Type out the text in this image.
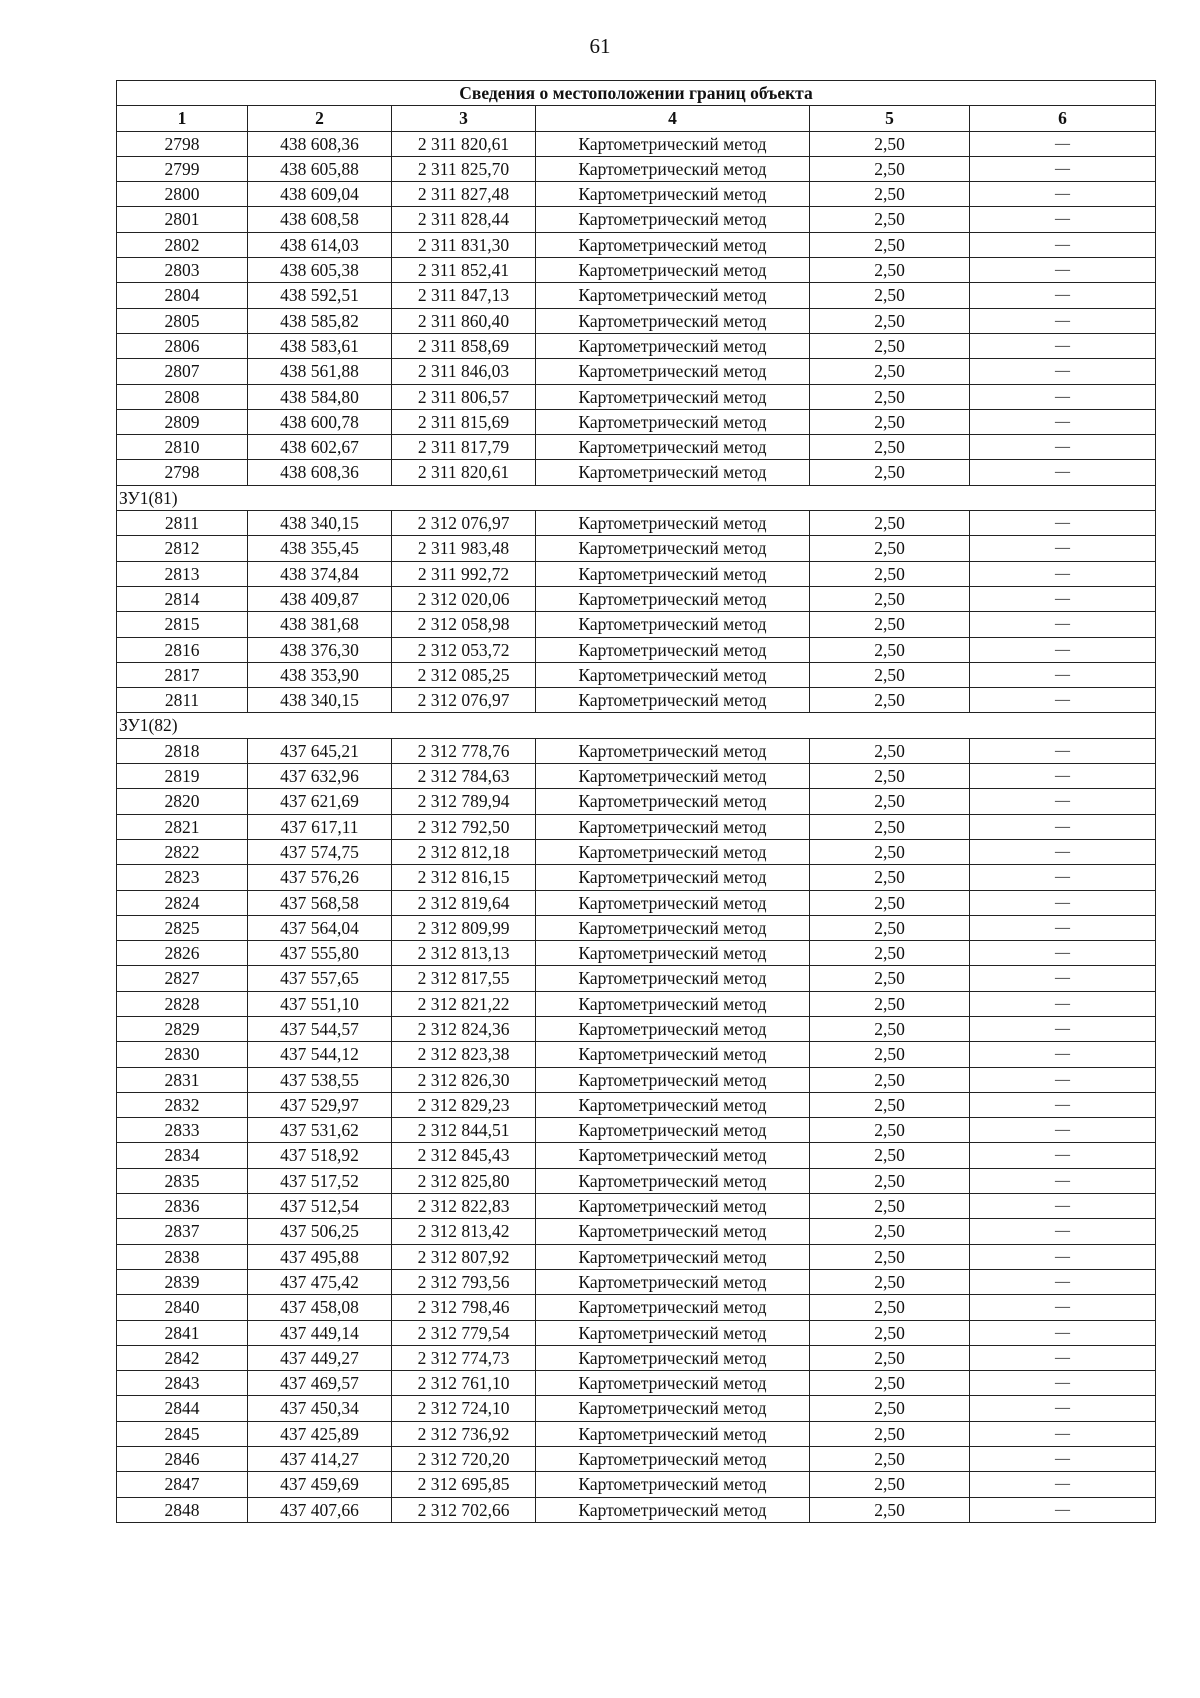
61
Сведения о местоположении границ объекта					
1	2	3	4	5	6
2798	438 608,36	2 311 820,61	Картометрический метод	2,50	—
2799	438 605,88	2 311 825,70	Картометрический метод	2,50	—
2800	438 609,04	2 311 827,48	Картометрический метод	2,50	—
2801	438 608,58	2 311 828,44	Картометрический метод	2,50	—
2802	438 614,03	2 311 831,30	Картометрический метод	2,50	—
2803	438 605,38	2 311 852,41	Картометрический метод	2,50	—
2804	438 592,51	2 311 847,13	Картометрический метод	2,50	—
2805	438 585,82	2 311 860,40	Картометрический метод	2,50	—
2806	438 583,61	2 311 858,69	Картометрический метод	2,50	—
2807	438 561,88	2 311 846,03	Картометрический метод	2,50	—
2808	438 584,80	2 311 806,57	Картометрический метод	2,50	—
2809	438 600,78	2 311 815,69	Картометрический метод	2,50	—
2810	438 602,67	2 311 817,79	Картометрический метод	2,50	—
2798	438 608,36	2 311 820,61	Картометрический метод	2,50	—
ЗУ1(81)					
2811	438 340,15	2 312 076,97	Картометрический метод	2,50	—
2812	438 355,45	2 311 983,48	Картометрический метод	2,50	—
2813	438 374,84	2 311 992,72	Картометрический метод	2,50	—
2814	438 409,87	2 312 020,06	Картометрический метод	2,50	—
2815	438 381,68	2 312 058,98	Картометрический метод	2,50	—
2816	438 376,30	2 312 053,72	Картометрический метод	2,50	—
2817	438 353,90	2 312 085,25	Картометрический метод	2,50	—
2811	438 340,15	2 312 076,97	Картометрический метод	2,50	—
ЗУ1(82)					
2818	437 645,21	2 312 778,76	Картометрический метод	2,50	—
2819	437 632,96	2 312 784,63	Картометрический метод	2,50	—
2820	437 621,69	2 312 789,94	Картометрический метод	2,50	—
2821	437 617,11	2 312 792,50	Картометрический метод	2,50	—
2822	437 574,75	2 312 812,18	Картометрический метод	2,50	—
2823	437 576,26	2 312 816,15	Картометрический метод	2,50	—
2824	437 568,58	2 312 819,64	Картометрический метод	2,50	—
2825	437 564,04	2 312 809,99	Картометрический метод	2,50	—
2826	437 555,80	2 312 813,13	Картометрический метод	2,50	—
2827	437 557,65	2 312 817,55	Картометрический метод	2,50	—
2828	437 551,10	2 312 821,22	Картометрический метод	2,50	—
2829	437 544,57	2 312 824,36	Картометрический метод	2,50	—
2830	437 544,12	2 312 823,38	Картометрический метод	2,50	—
2831	437 538,55	2 312 826,30	Картометрический метод	2,50	—
2832	437 529,97	2 312 829,23	Картометрический метод	2,50	—
2833	437 531,62	2 312 844,51	Картометрический метод	2,50	—
2834	437 518,92	2 312 845,43	Картометрический метод	2,50	—
2835	437 517,52	2 312 825,80	Картометрический метод	2,50	—
2836	437 512,54	2 312 822,83	Картометрический метод	2,50	—
2837	437 506,25	2 312 813,42	Картометрический метод	2,50	—
2838	437 495,88	2 312 807,92	Картометрический метод	2,50	—
2839	437 475,42	2 312 793,56	Картометрический метод	2,50	—
2840	437 458,08	2 312 798,46	Картометрический метод	2,50	—
2841	437 449,14	2 312 779,54	Картометрический метод	2,50	—
2842	437 449,27	2 312 774,73	Картометрический метод	2,50	—
2843	437 469,57	2 312 761,10	Картометрический метод	2,50	—
2844	437 450,34	2 312 724,10	Картометрический метод	2,50	—
2845	437 425,89	2 312 736,92	Картометрический метод	2,50	—
2846	437 414,27	2 312 720,20	Картометрический метод	2,50	—
2847	437 459,69	2 312 695,85	Картометрический метод	2,50	—
2848	437 407,66	2 312 702,66	Картометрический метод	2,50	—
